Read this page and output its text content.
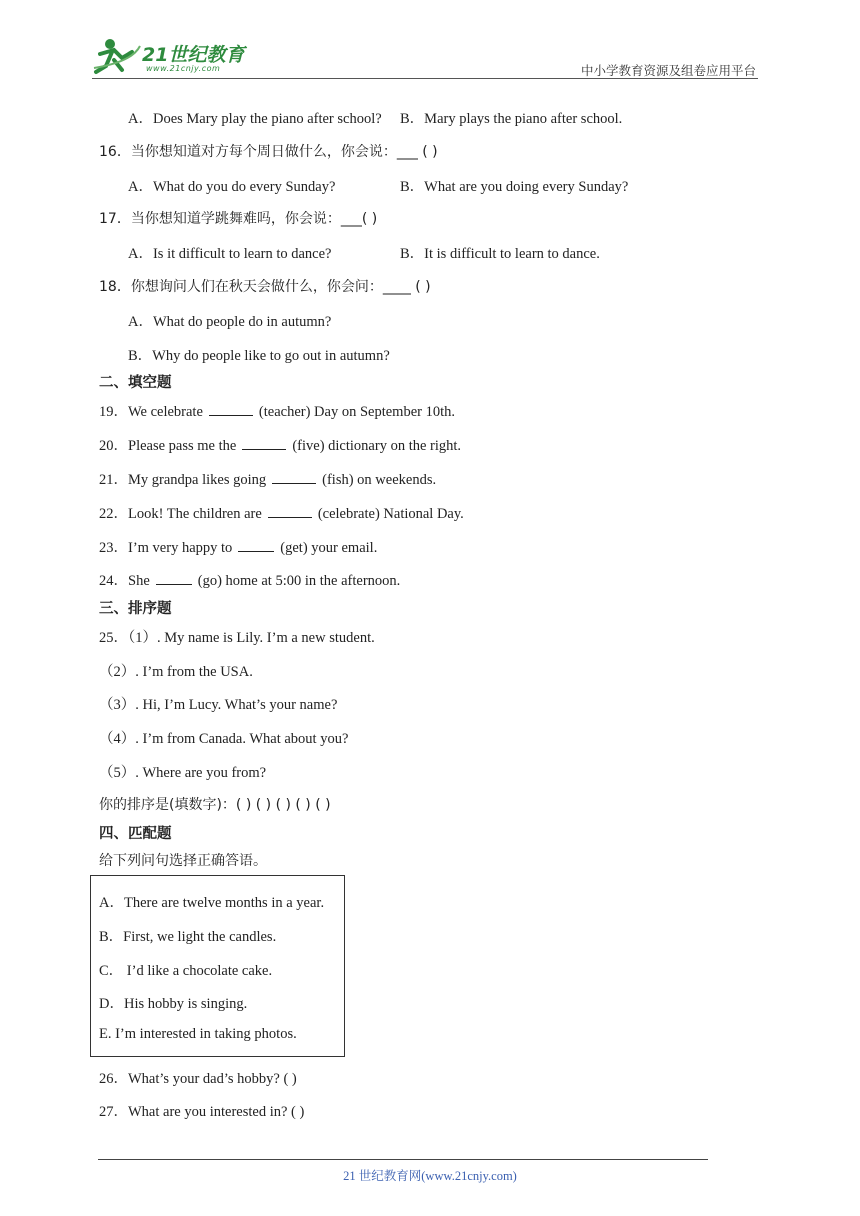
21世纪教育
www.21cnjy.com	中小学教育资源及组卷应用平台
A．Does Mary play the piano after school? B．Mary plays the piano after school.
16．当你想知道对方每个周日做什么，你会说：___ ( )
A．What do you do every Sunday?	B．What are you doing every Sunday?
17．当你想知道学跳舞难吗，你会说：___( )
A．Is it difficult to learn to dance?	B．It is difficult to learn to dance.
18．你想询问人们在秋天会做什么，你会问：____ ( )
A．What do people do in autumn?
B．Why do people like to go out in autumn?
二、填空题
19．We celebrate	(teacher) Day on September 10th.
20．Please pass me the	(five) dictionary on the right.
21．My grandpa likes going	(fish) on weekends.
22．Look! The children are	(celebrate) National Day.
23．I’m very happy to	(get) your email.
24．She	(go) home at 5:00 in the afternoon.
三、排序题
25．（1）. My name is Lily. I’m a new student.
（2）. I’m from the USA.
（3）. Hi, I’m Lucy. What’s your name?
（4）. I’m from Canada. What about you?
（5）. Where are you from?
你的排序是(填数字)：( ) ( ) ( ) ( ) ( )
四、匹配题
给下列问句选择正确答语。
A．There are twelve months in a year.
B．First, we light the candles.
C． I’d like a chocolate cake.
D．His hobby is singing.
E. I’m interested in taking photos.
26．What’s your dad’s hobby? ( )
27．What are you interested in? ( )
21 世纪教育网(www.21cnjy.com)
